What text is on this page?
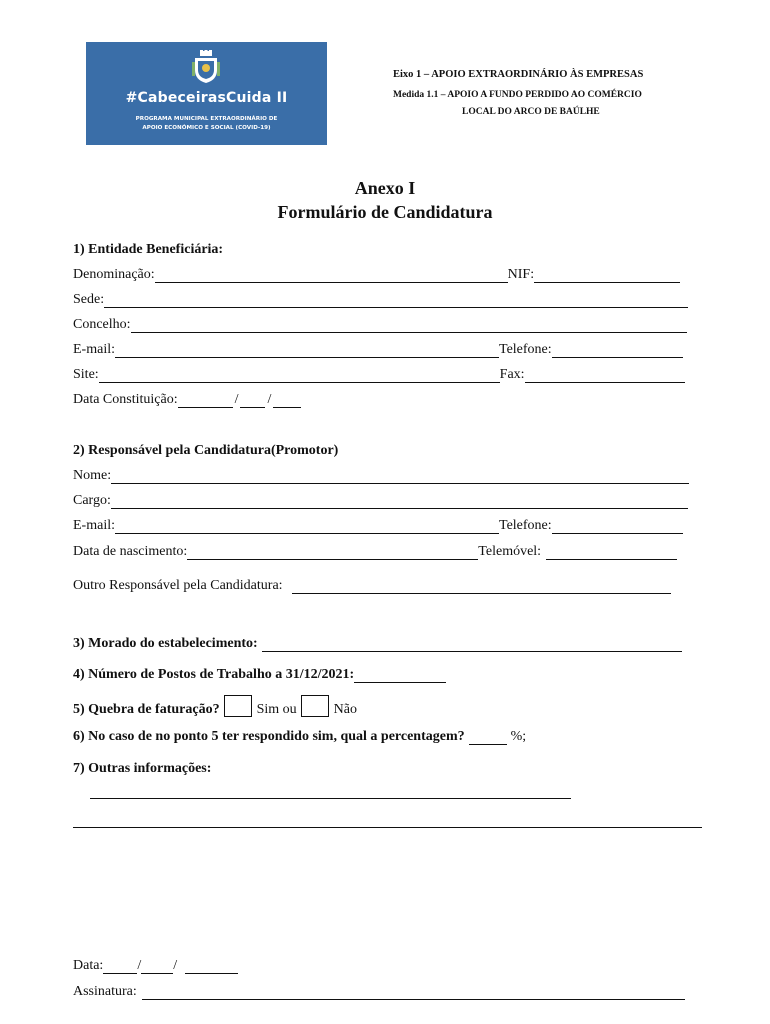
#CabeceirasCuida II
PROGRAMA MUNICIPAL EXTRAORDINÁRIO DE
APOIO ECONÓMICO E SOCIAL (COVID-19)
Eixo 1 – APOIO EXTRAORDINÁRIO ÀS EMPRESAS
Medida 1.1 – APOIO A FUNDO PERDIDO AO COMÉRCIO
LOCAL DO ARCO DE BAÚLHE
Anexo I
Formulário de Candidatura
1) Entidade Beneficiária:
Denominação:	NIF:
Sede:
Concelho:
E-mail:	Telefone:
Site:	Fax:
Data Constituição:	/ /
2) Responsável pela Candidatura(Promotor)
Nome:
Cargo:
E-mail:	Telefone:
Data de nascimento:	Telemóvel:
Outro Responsável pela Candidatura:
3) Morado do estabelecimento:
4) Número de Postos de Trabalho a 31/12/2021:
5) Quebra de faturação?	Sim ou	Não
6) No caso de no ponto 5 ter respondido sim, qual a percentagem?	%;
7) Outras informações:
Data: / /
Assinatura:
